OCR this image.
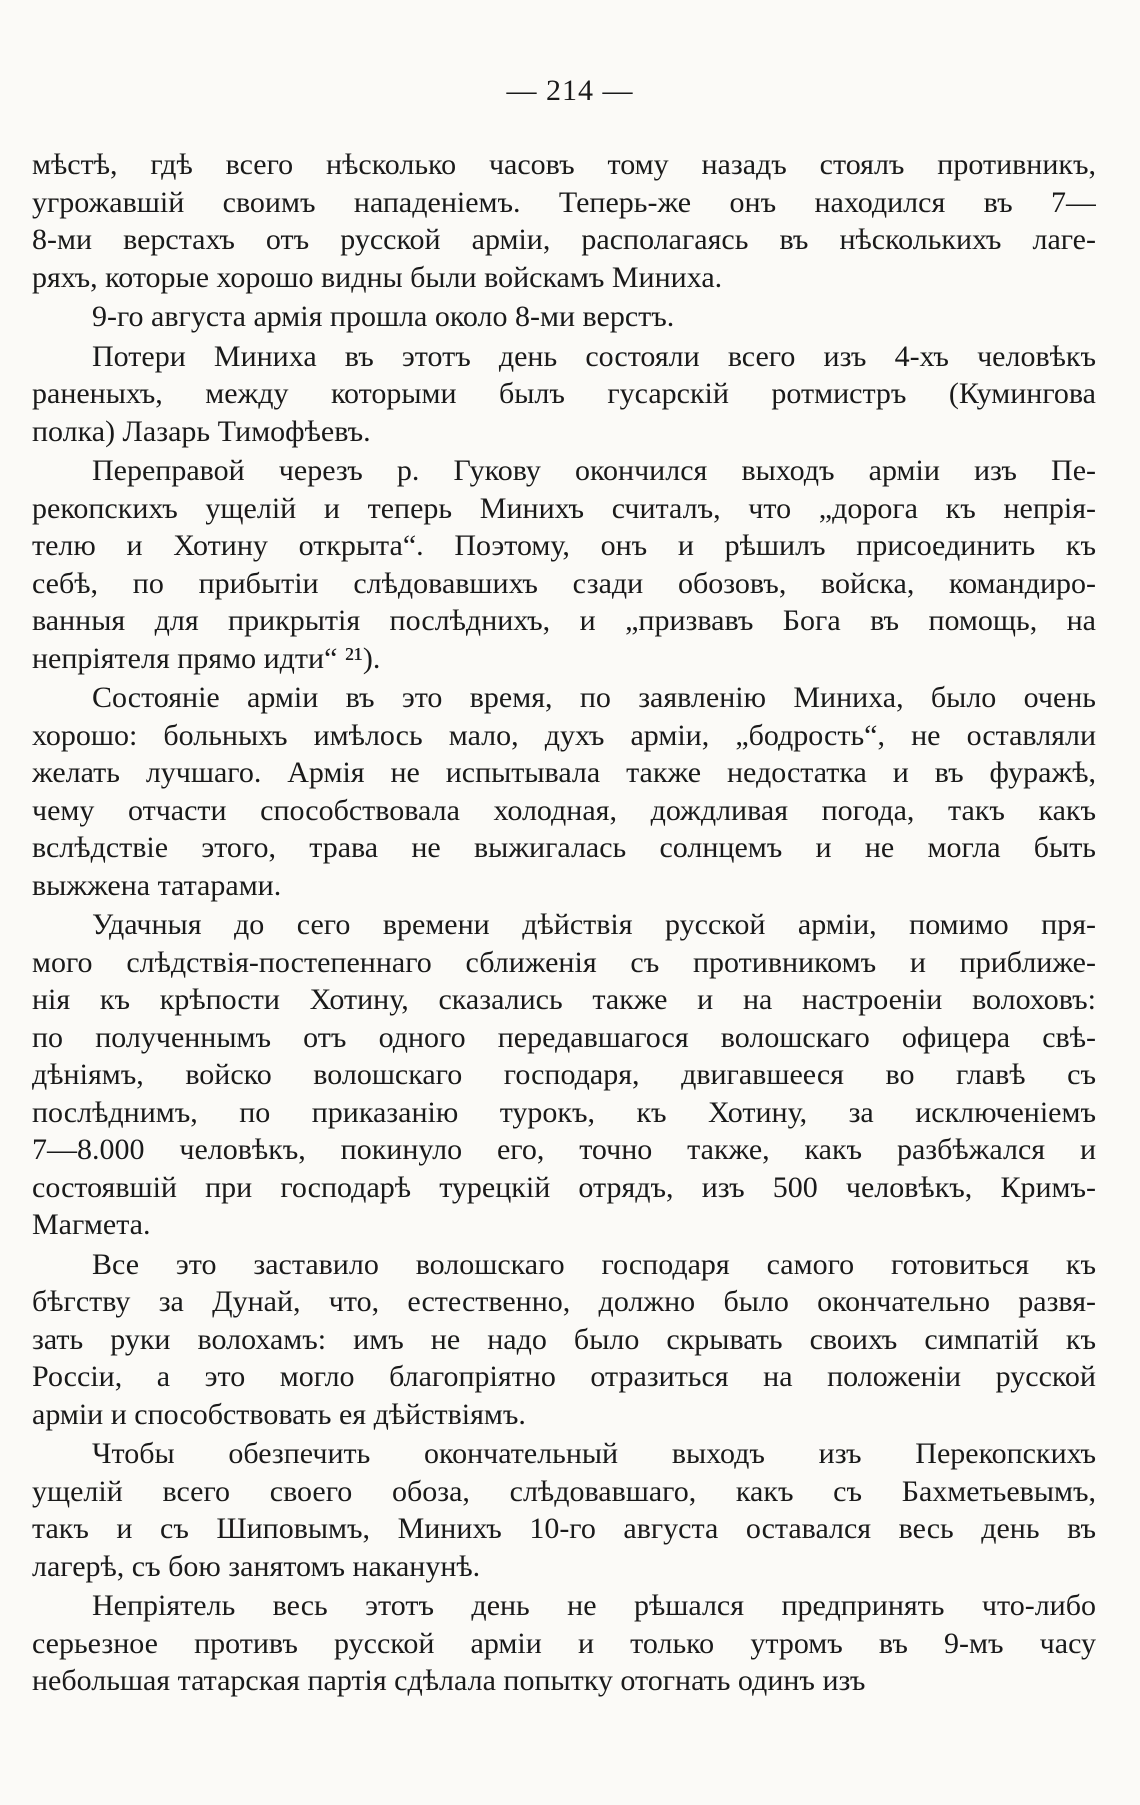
— 214 —
мѣстѣ, гдѣ всего нѣсколько часовъ тому назадъ стоялъ противникъ,
угрожавшій своимъ нападеніемъ. Теперь-же онъ находился въ 7—
8-ми верстахъ отъ русской арміи, располагаясь въ нѣсколькихъ лаге-
ряхъ, которые хорошо видны были войскамъ Миниха.
9-го августа армія прошла около 8-ми верстъ.
Потери Миниха въ этотъ день состояли всего изъ 4-хъ человѣкъ
раненыхъ, между которыми былъ гусарскій ротмистръ (Кумингова
полка) Лазарь Тимофѣевъ.
Переправой черезъ р. Гукову окончился выходъ арміи изъ Пе-
рекопскихъ ущелій и теперь Минихъ считалъ, что „дорога къ непрія-
телю и Хотину открыта“. Поэтому, онъ и рѣшилъ присоединить къ
себѣ, по прибытіи слѣдовавшихъ сзади обозовъ, войска, командиро-
ванныя для прикрытія послѣднихъ, и „призвавъ Бога въ помощь, на
непріятеля прямо идти“ ²¹).
Состояніе арміи въ это время, по заявленію Миниха, было очень
хорошо: больныхъ имѣлось мало, духъ арміи, „бодрость“, не оставляли
желать лучшаго. Армія не испытывала также недостатка и въ фуражѣ,
чему отчасти способствовала холодная, дождливая погода, такъ какъ
вслѣдствіе этого, трава не выжигалась солнцемъ и не могла быть
выжжена татарами.
Удачныя до сего времени дѣйствія русской арміи, помимо пря-
мого слѣдствія-постепеннаго сближенія съ противникомъ и приближе-
нія къ крѣпости Хотину, сказались также и на настроеніи волоховъ:
по полученнымъ отъ одного передавшагося волошскаго офицера свѣ-
дѣніямъ, войско волошскаго господаря, двигавшееся во главѣ съ
послѣднимъ, по приказанію турокъ, къ Хотину, за исключеніемъ
7—8.000 человѣкъ, покинуло его, точно также, какъ разбѣжался и
состоявшій при господарѣ турецкій отрядъ, изъ 500 человѣкъ, Кримъ-
Магмета.
Все это заставило волошскаго господаря самого готовиться къ
бѣгству за Дунай, что, естественно, должно было окончательно развя-
зать руки волохамъ: имъ не надо было скрывать своихъ симпатій къ
Россіи, а это могло благопріятно отразиться на положеніи русской
арміи и способствовать ея дѣйствіямъ.
Чтобы обезпечить окончательный выходъ изъ Перекопскихъ
ущелій всего своего обоза, слѣдовавшаго, какъ съ Бахметьевымъ,
такъ и съ Шиповымъ, Минихъ 10-го августа оставался весь день въ
лагерѣ, съ бою занятомъ наканунѣ.
Непріятель весь этотъ день не рѣшался предпринять что-либо
серьезное противъ русской арміи и только утромъ въ 9-мъ часу
небольшая татарская партія сдѣлала попытку отогнать одинъ изъ
